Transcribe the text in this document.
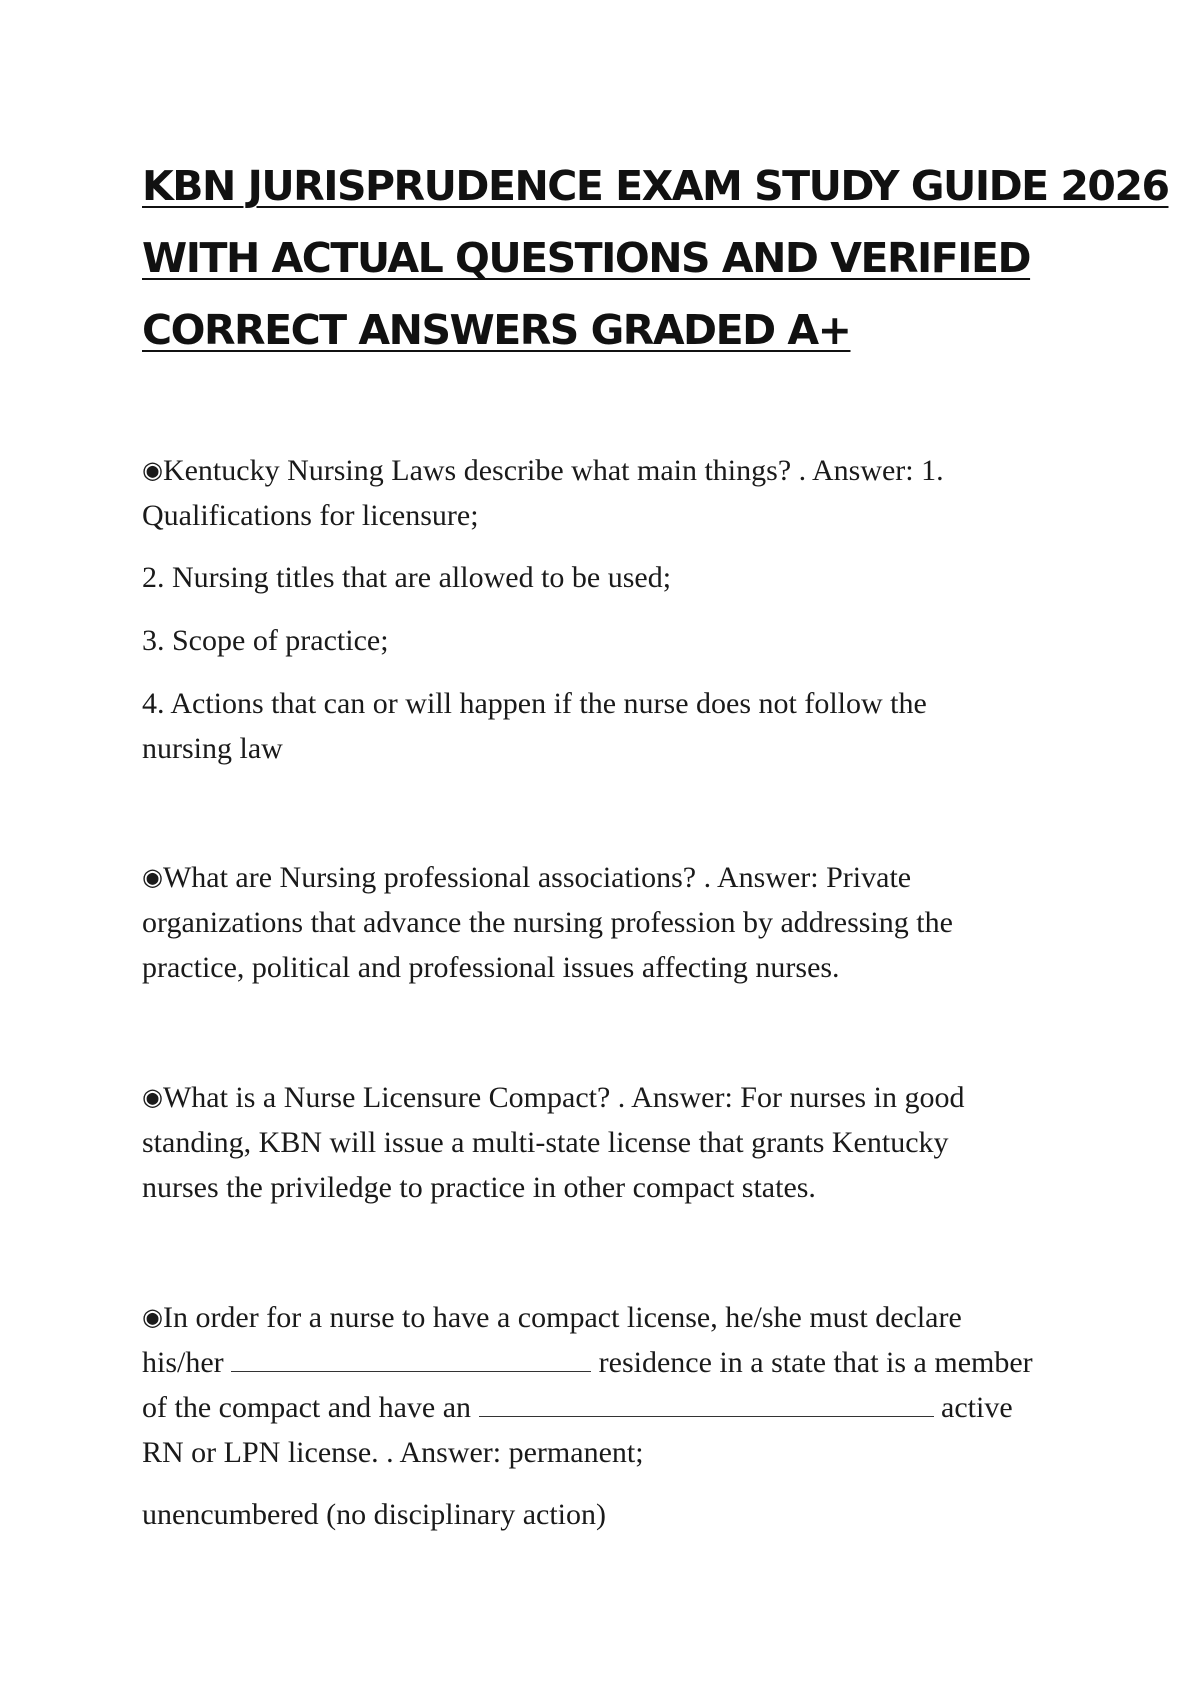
KBN JURISPRUDENCE EXAM STUDY GUIDE 2026
WITH ACTUAL QUESTIONS AND VERIFIED
CORRECT ANSWERS GRADED A+

◉Kentucky Nursing Laws describe what main things? . Answer: 1.
Qualifications for licensure;

2. Nursing titles that are allowed to be used;

3. Scope of practice;

4. Actions that can or will happen if the nurse does not follow the
nursing law

◉What are Nursing professional associations? . Answer: Private
organizations that advance the nursing profession by addressing the
practice, political and professional issues affecting nurses.

◉What is a Nurse Licensure Compact? . Answer: For nurses in good
standing, KBN will issue a multi-state license that grants Kentucky
nurses the priviledge to practice in other compact states.

◉In order for a nurse to have a compact license, he/she must declare
his/her	residence in a state that is a member
of the compact and have an	active
RN or LPN license. . Answer: permanent;

unencumbered (no disciplinary action)
